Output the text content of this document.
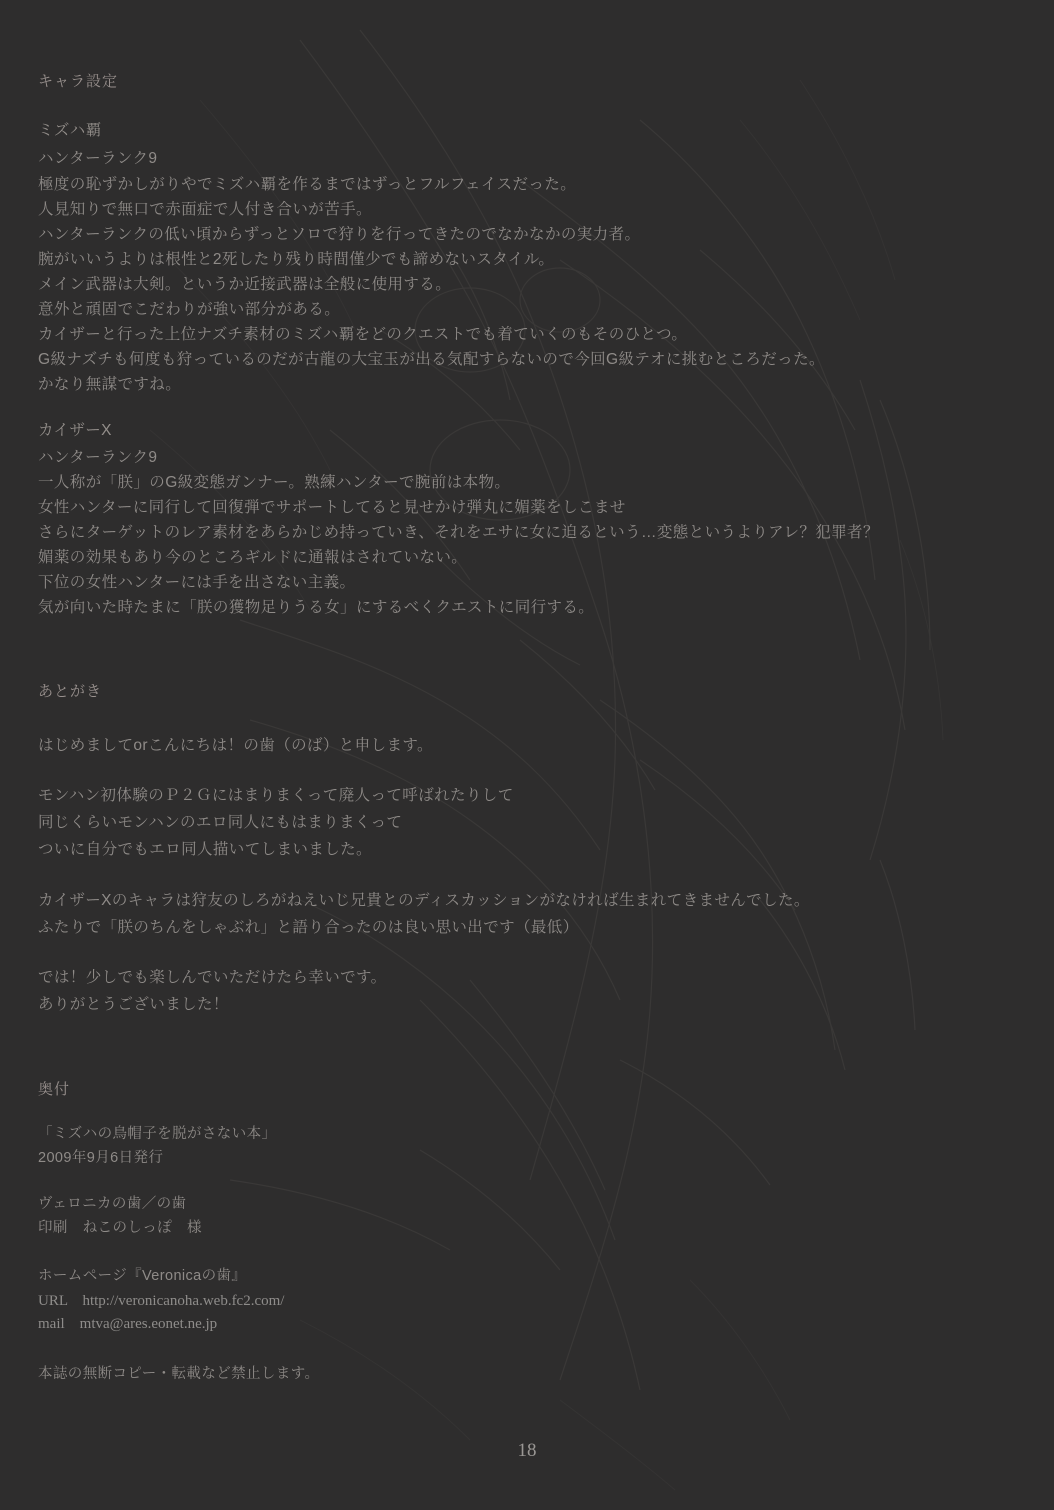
キャラ設定
ミズハ覇
ハンターランク9
極度の恥ずかしがりやでミズハ覇を作るまではずっとフルフェイスだった。
人見知りで無口で赤面症で人付き合いが苦手。
ハンターランクの低い頃からずっとソロで狩りを行ってきたのでなかなかの実力者。
腕がいいうよりは根性と2死したり残り時間僅少でも諦めないスタイル。
メイン武器は大剣。というか近接武器は全般に使用する。
意外と頑固でこだわりが強い部分がある。
カイザーと行った上位ナズチ素材のミズハ覇をどのクエストでも着ていくのもそのひとつ。
G級ナズチも何度も狩っているのだが古龍の大宝玉が出る気配すらないので今回G級テオに挑むところだった。
かなり無謀ですね。
カイザーX
ハンターランク9
一人称が「朕」のG級変態ガンナー。熟練ハンターで腕前は本物。
女性ハンターに同行して回復弾でサポートしてると見せかけ弾丸に媚薬をしこませ
さらにターゲットのレア素材をあらかじめ持っていき、それをエサに女に迫るという…変態というよりアレ？犯罪者？
媚薬の効果もあり今のところギルドに通報はされていない。
下位の女性ハンターには手を出さない主義。
気が向いた時たまに「朕の獲物足りうる女」にするべくクエストに同行する。
あとがき
はじめましてorこんにちは！の歯（のば）と申します。
モンハン初体験のＰ２Ｇにはまりまくって廃人って呼ばれたりして
同じくらいモンハンのエロ同人にもはまりまくって
ついに自分でもエロ同人描いてしまいました。
カイザーXのキャラは狩友のしろがねえいじ兄貴とのディスカッションがなければ生まれてきませんでした。
ふたりで「朕のちんをしゃぶれ」と語り合ったのは良い思い出です（最低）
では！少しでも楽しんでいただけたら幸いです。
ありがとうございました！
奥付
「ミズハの鳥帽子を脱がさない本」
2009年9月6日発行
ヴェロニカの歯／の歯
印刷　ねこのしっぽ　様
ホームページ『Veronicaの歯』
URL　http://veronicanoha.web.fc2.com/
mail　mtva@ares.eonet.ne.jp
本誌の無断コピー・転載など禁止します。
18
